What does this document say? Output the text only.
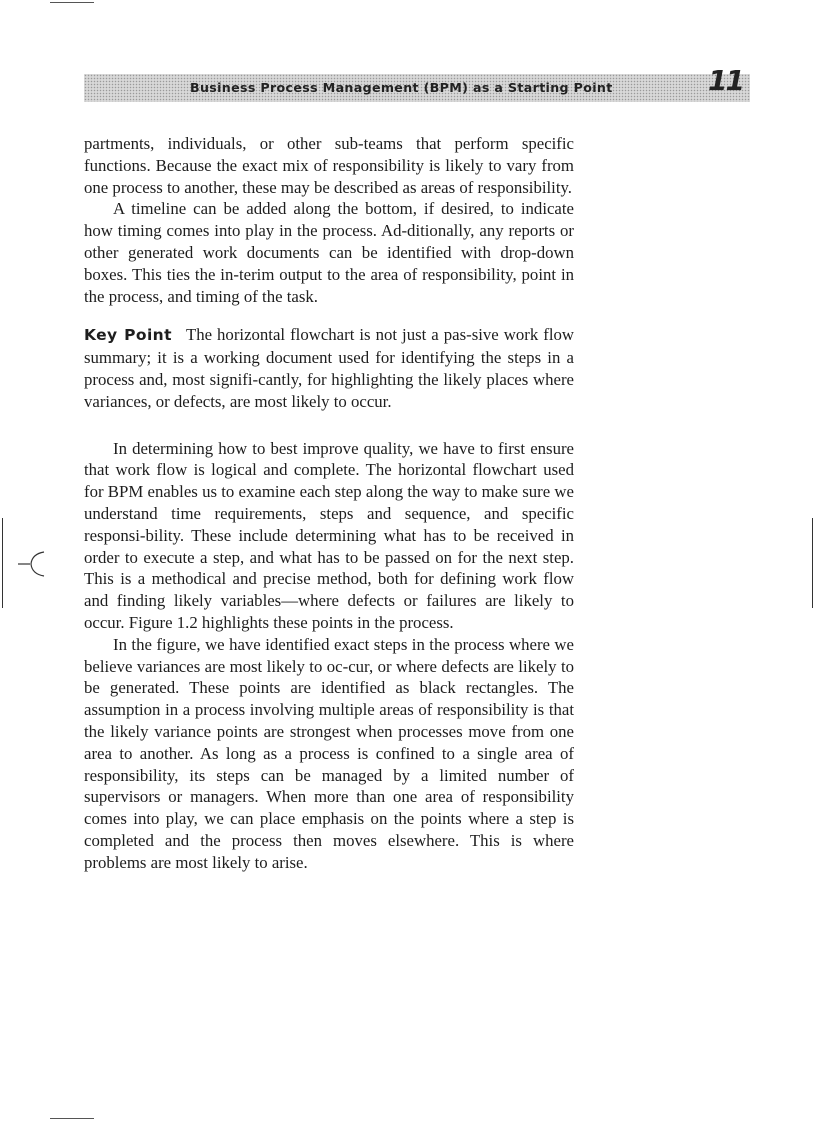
Business Process Management (BPM) as a Starting Point	11

partments, individuals, or other sub-teams that perform specific functions. Because the exact mix of responsibility is likely to vary from one process to another, these may be described as areas of responsibility.

A timeline can be added along the bottom, if desired, to indicate how timing comes into play in the process. Ad-ditionally, any reports or other generated work documents can be identified with drop-down boxes. This ties the in-terim output to the area of responsibility, point in the process, and timing of the task.

Key Point The horizontal flowchart is not just a pas-sive work flow summary; it is a working document used for identifying the steps in a process and, most signifi-cantly, for highlighting the likely places where variances, or defects, are most likely to occur.

In determining how to best improve quality, we have to first ensure that work flow is logical and complete. The horizontal flowchart used for BPM enables us to examine each step along the way to make sure we understand time requirements, steps and sequence, and specific responsi-bility. These include determining what has to be received in order to execute a step, and what has to be passed on for the next step. This is a methodical and precise method, both for defining work flow and finding likely variables—where defects or failures are likely to occur. Figure 1.2 highlights these points in the process.

In the figure, we have identified exact steps in the process where we believe variances are most likely to oc-cur, or where defects are likely to be generated. These points are identified as black rectangles. The assumption in a process involving multiple areas of responsibility is that the likely variance points are strongest when processes move from one area to another. As long as a process is confined to a single area of responsibility, its steps can be managed by a limited number of supervisors or managers. When more than one area of responsibility comes into play, we can place emphasis on the points where a step is completed and the process then moves elsewhere. This is where problems are most likely to arise.
